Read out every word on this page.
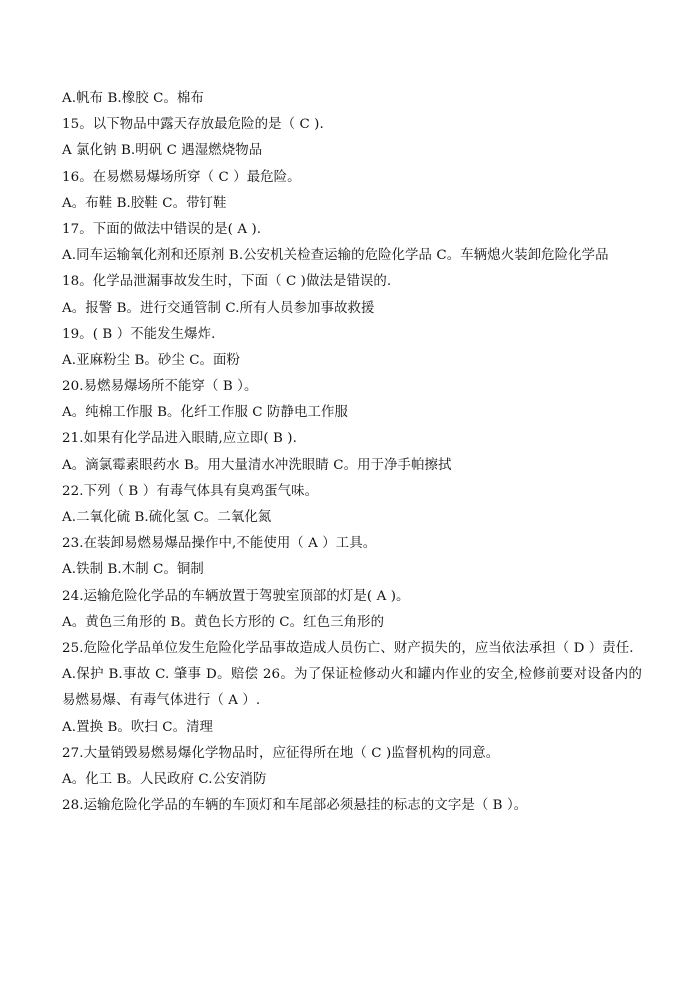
A.帆布 B.橡胶 C。棉布
15。以下物品中露天存放最危险的是（ C ).
A 氯化钠 B.明矾 C 遇湿燃烧物品
16。在易燃易爆场所穿（ C ）最危险。
A。布鞋 B.胶鞋 C。带钉鞋
17。下面的做法中错误的是( A ).
A.同车运输氧化剂和还原剂 B.公安机关检查运输的危险化学品 C。车辆熄火装卸危险化学品
18。化学品泄漏事故发生时，下面（ C )做法是错误的.
A。报警 B。进行交通管制 C.所有人员参加事故救援
19。( B ）不能发生爆炸.
A.亚麻粉尘 B。砂尘 C。面粉
20.易燃易爆场所不能穿（ B ）。
A。纯棉工作服 B。化纤工作服 C 防静电工作服
21.如果有化学品进入眼睛,应立即( B ).
A。滴氯霉素眼药水 B。用大量清水冲洗眼睛 C。用于净手帕擦拭
22.下列（ B ）有毒气体具有臭鸡蛋气味。
A.二氧化硫 B.硫化氢 C。二氧化氮
23.在装卸易燃易爆品操作中,不能使用（ A ）工具。
A.铁制 B.木制 C。铜制
24.运输危险化学品的车辆放置于驾驶室顶部的灯是( A )。
A。黄色三角形的 B。黄色长方形的 C。红色三角形的
25.危险化学品单位发生危险化学品事故造成人员伤亡、财产损失的，应当依法承担（ D ）责任.
A.保护 B.事故 C. 肇事 D。赔偿 26。为了保证检修动火和罐内作业的安全,检修前要对设备内的易燃易爆、有毒气体进行（ A ）.
A.置换 B。吹扫 C。清理
27.大量销毁易燃易爆化学物品时，应征得所在地（ C )监督机构的同意。
A。化工 B。人民政府 C.公安消防
28.运输危险化学品的车辆的车顶灯和车尾部必须悬挂的标志的文字是（ B ）。
